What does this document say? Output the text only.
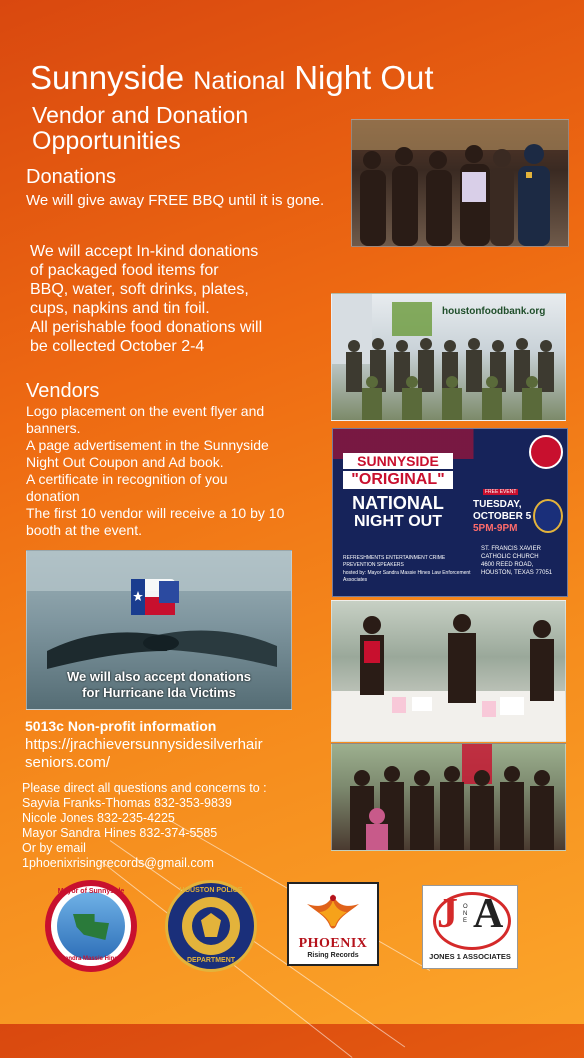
Sunnyside National Night Out
Vendor and Donation
Opportunities
Donations
We will give away FREE BBQ until it is gone.
We will accept In-kind donations
of packaged food items for
BBQ, water, soft drinks, plates,
cups, napkins and tin foil.
All perishable food donations will
be collected October 2-4
Vendors
Logo placement on the event flyer and
banners.
A page advertisement in the Sunnyside
Night Out Coupon and Ad book.
A certificate in recognition of you
donation
The first 10 vendor will receive a 10 by 10
booth at the event.
We will also accept donations
for Hurricane Ida Victims
5013c Non-profit information
https://jrachieversunnysidesilverhair
seniors.com/
Please direct all questions and concerns to :
Sayvia Franks-Thomas 832-353-9839
Nicole Jones 832-235-4225
Mayor Sandra Hines 832-374-5585
Or by email
1phoenixrisingrecords@gmail.com
houstonfoodbank.org
SUNNYSIDE
"ORIGINAL"
NATIONAL
NIGHT OUT
REFRESHMENTS ENTERTAINMENT CRIME PREVENTION SPEAKERS
hosted by: Mayor Sandra Massie Hines Law Enforcement Associates
FREE EVENT
TUESDAY,
OCTOBER 5
5PM-9PM
ST. FRANCIS XAVIER
CATHOLIC CHURCH
4600 REED ROAD,
HOUSTON, TEXAS 77051
Mayor of Sunnyside
Sandra Massie Hines
HOUSTON POLICE
DEPARTMENT
PHOENIX
Rising Records
J A
ONE
JONES 1 ASSOCIATES
